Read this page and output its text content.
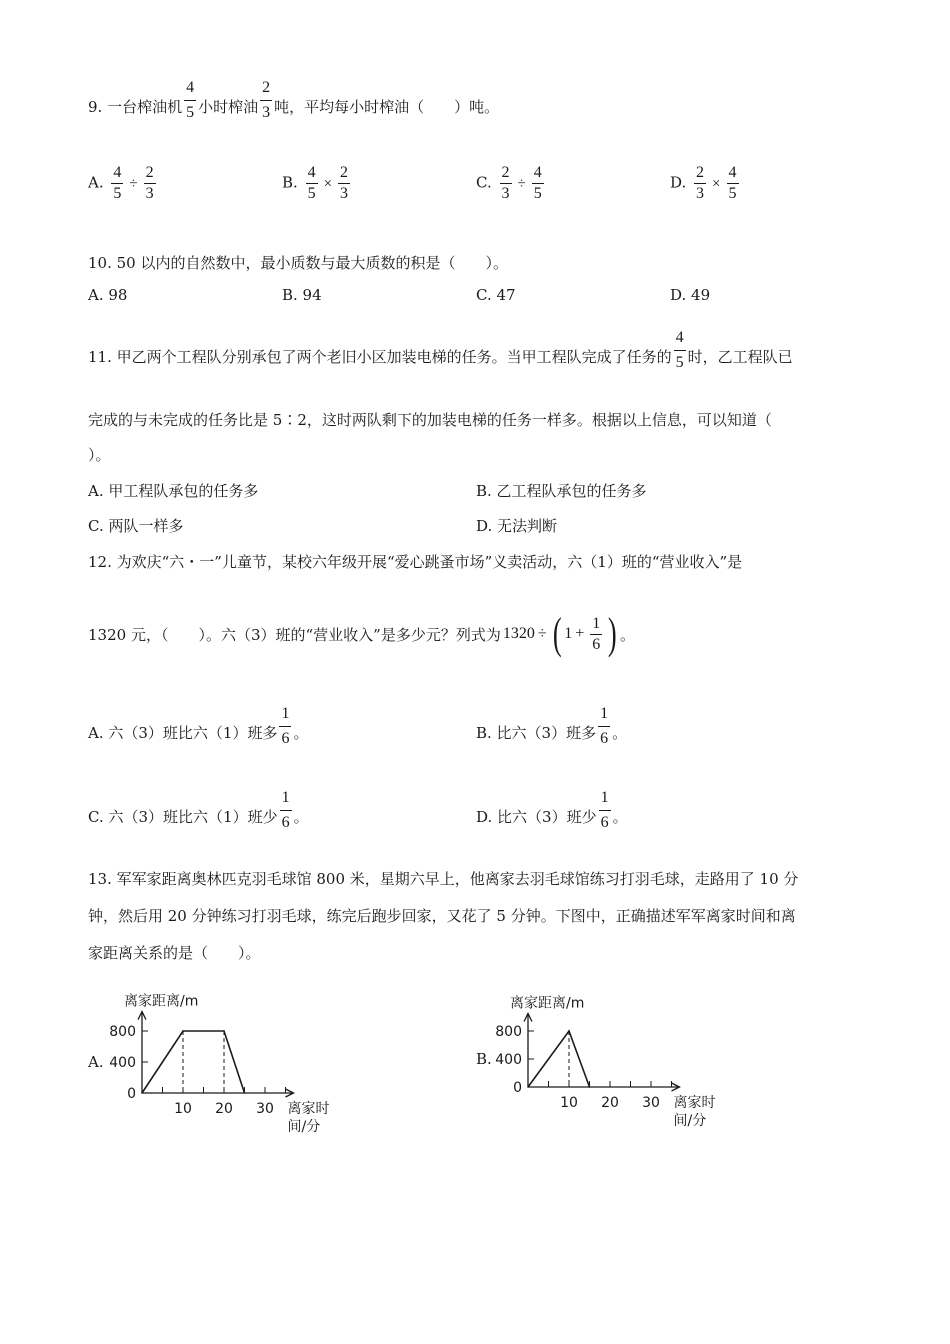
9. 一台榨油机 $\frac{4}{5}$ 小时榨油 $\frac{2}{3}$ 吨，平均每小时榨油（　　）吨。
A. $\frac{4}{5} \div \frac{2}{3}$	B. $\frac{4}{5} \times \frac{2}{3}$	C. $\frac{2}{3} \div \frac{4}{5}$	D. $\frac{2}{3} \times \frac{4}{5}$
10. 50 以内的自然数中，最小质数与最大质数的积是（　　）。
A. 98	B. 94	C. 47	D. 49
11. 甲乙两个工程队分别承包了两个老旧小区加装电梯的任务。当甲工程队完成了任务的 $\frac{4}{5}$ 时，乙工程队已
完成的与未完成的任务比是 5∶2，这时两队剩下的加装电梯的任务一样多。根据以上信息，可以知道（
）。
A. 甲工程队承包的任务多	B. 乙工程队承包的任务多
C. 两队一样多	D. 无法判断
12. 为欢庆“六・一”儿童节，某校六年级开展“爱心跳蚤市场”义卖活动，六（1）班的“营业收入”是
1320 元，（　　）。六（3）班的“营业收入”是多少元？列式为 1320 ÷ ( $1 + \frac{1}{6}$ ) 。
A. 六（3）班比六（1）班多 $\frac{1}{6}$ 。	B. 比六（3）班多 $\frac{1}{6}$ 。
C. 六（3）班比六（1）班少 $\frac{1}{6}$ 。	D. 比六（3）班少 $\frac{1}{6}$ 。
13. 军军家距离奥林匹克羽毛球馆 800 米，星期六早上，他离家去羽毛球馆练习打羽毛球，走路用了 10 分
钟，然后用 20 分钟练习打羽毛球，练完后跑步回家，又花了 5 分钟。下图中，正确描述军军离家时间和离
家距离关系的是（　　）。
A.
离家距离/m
800
400
0
10 20 30 离家时
间/分
B.
离家距离/m
800
400
0
10 20 30 离家时
间/分
